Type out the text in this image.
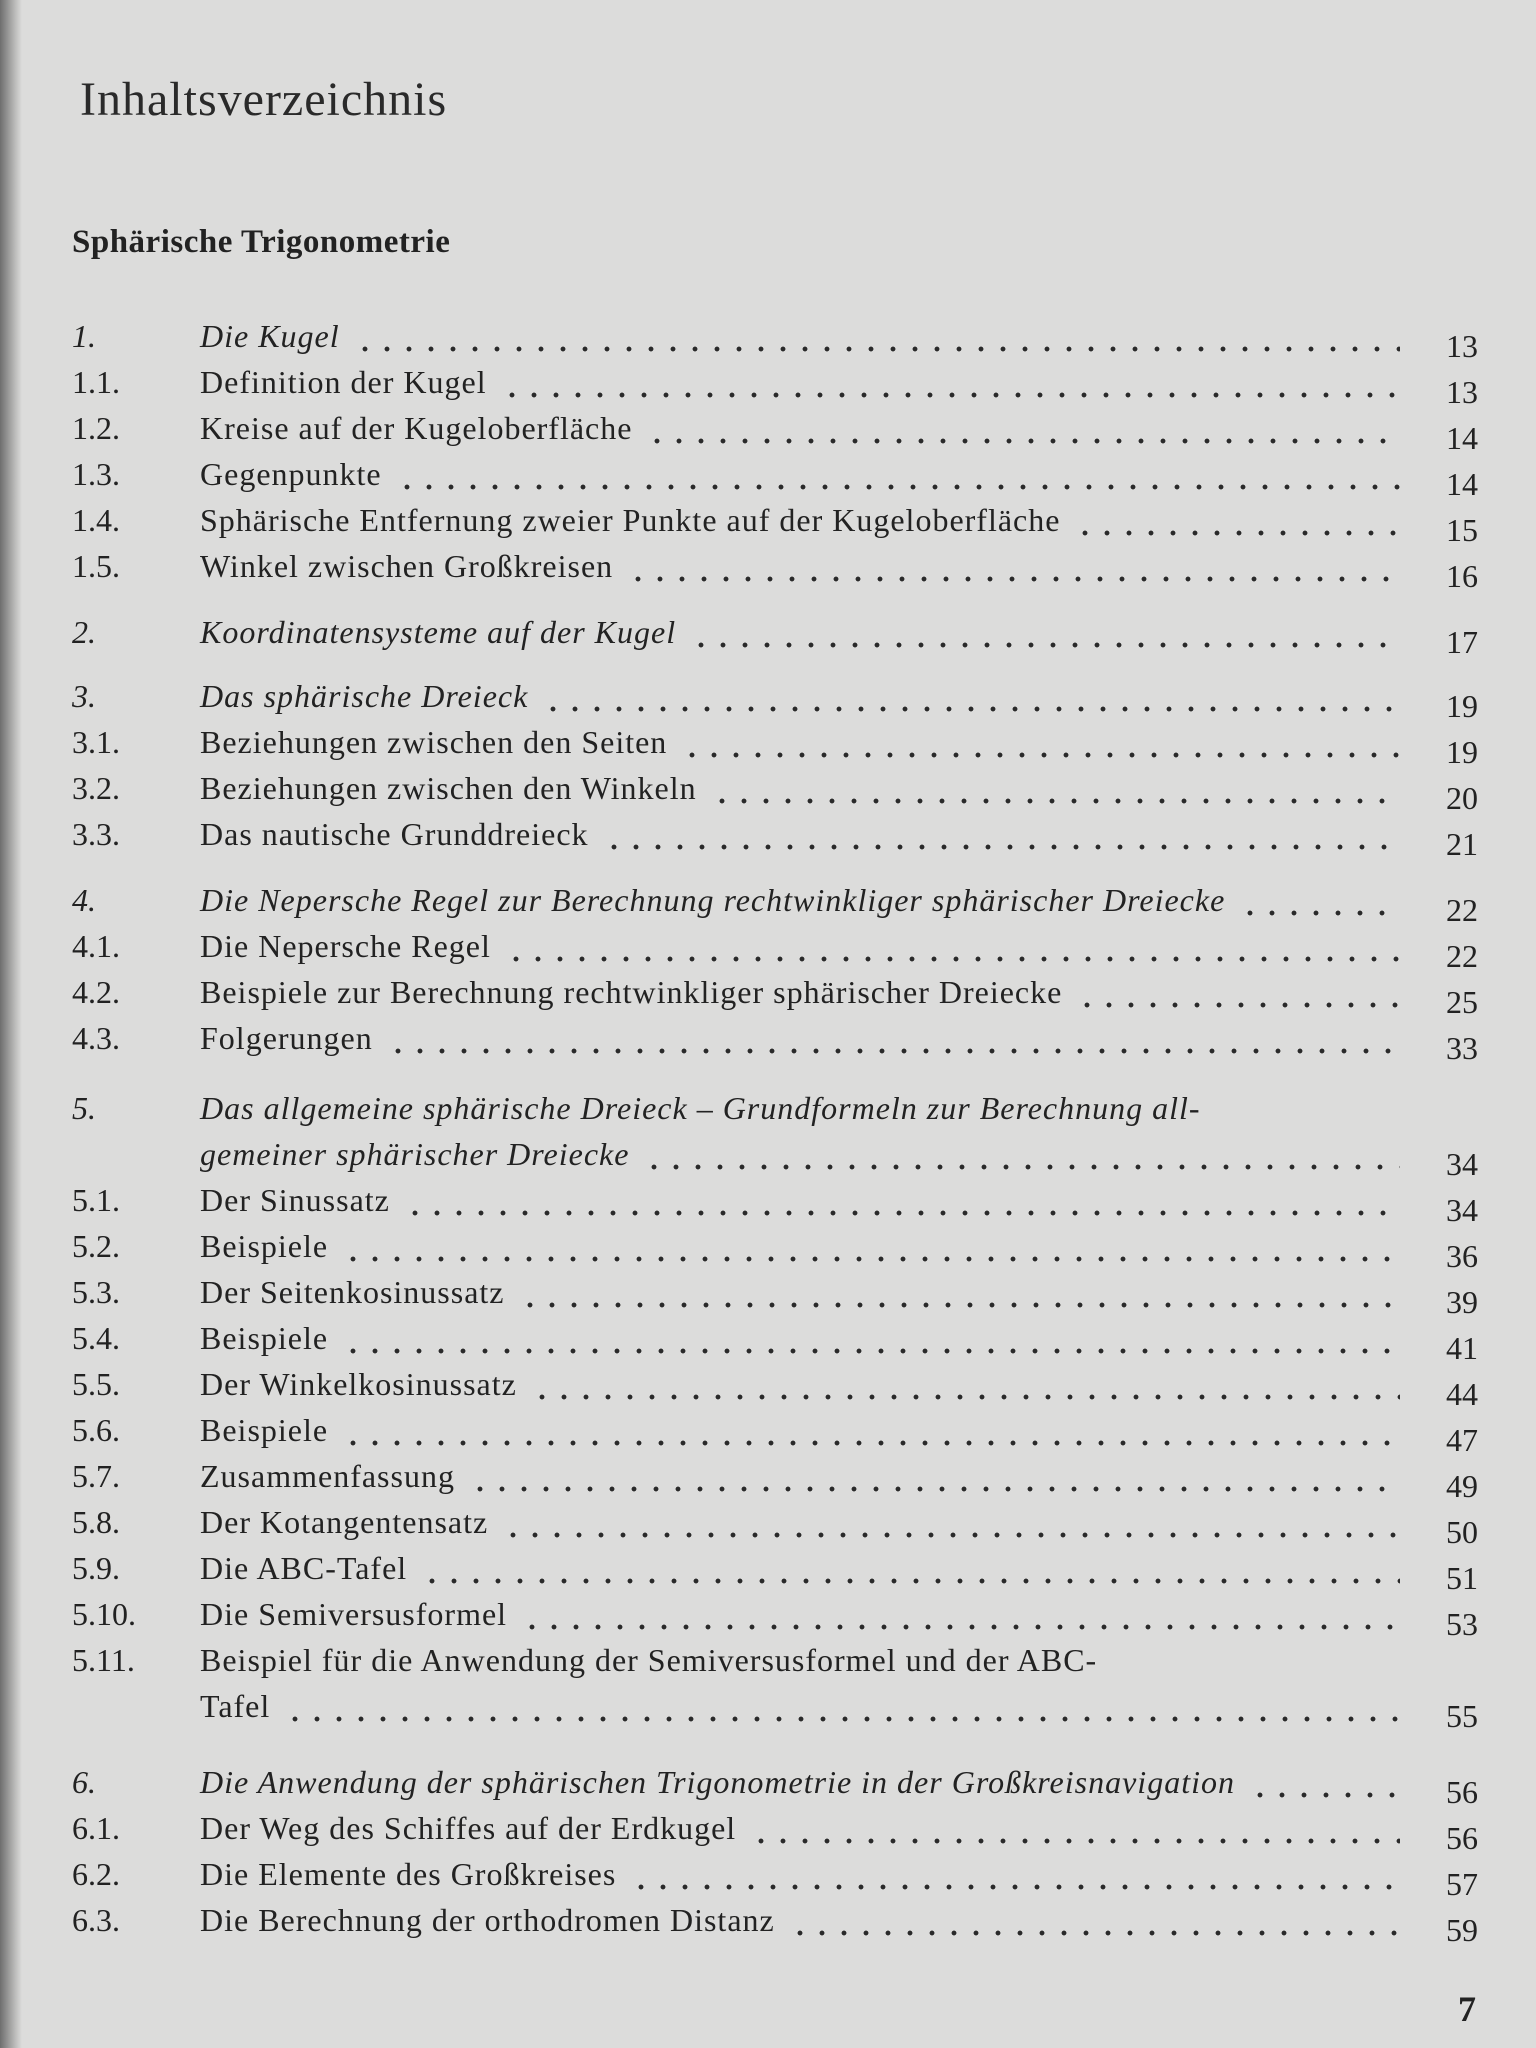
Inhaltsverzeichnis
Sphärische Trigonometrie
1.	Die Kugel	13
1.1.	Definition der Kugel	13
1.2.	Kreise auf der Kugeloberfläche	14
1.3.	Gegenpunkte	14
1.4.	Sphärische Entfernung zweier Punkte auf der Kugeloberfläche	15
1.5.	Winkel zwischen Großkreisen	16
2.	Koordinatensysteme auf der Kugel	17
3.	Das sphärische Dreieck	19
3.1.	Beziehungen zwischen den Seiten	19
3.2.	Beziehungen zwischen den Winkeln	20
3.3.	Das nautische Grunddreieck	21
4.	Die Nepersche Regel zur Berechnung rechtwinkliger sphärischer Dreiecke	22
4.1.	Die Nepersche Regel	22
4.2.	Beispiele zur Berechnung rechtwinkliger sphärischer Dreiecke	25
4.3.	Folgerungen	33
5.	Das allgemeine sphärische Dreieck – Grundformeln zur Berechnung all-
gemeiner sphärischer Dreiecke	34
5.1.	Der Sinussatz	34
5.2.	Beispiele	36
5.3.	Der Seitenkosinussatz	39
5.4.	Beispiele	41
5.5.	Der Winkelkosinussatz	44
5.6.	Beispiele	47
5.7.	Zusammenfassung	49
5.8.	Der Kotangentensatz	50
5.9.	Die ABC-Tafel	51
5.10. Die Semiversusformel	53
5.11. Beispiel für die Anwendung der Semiversusformel und der ABC-
Tafel	55
6.	Die Anwendung der sphärischen Trigonometrie in der Großkreisnavigation	56
6.1.	Der Weg des Schiffes auf der Erdkugel	56
6.2.	Die Elemente des Großkreises	57
6.3.	Die Berechnung der orthodromen Distanz	59
7
